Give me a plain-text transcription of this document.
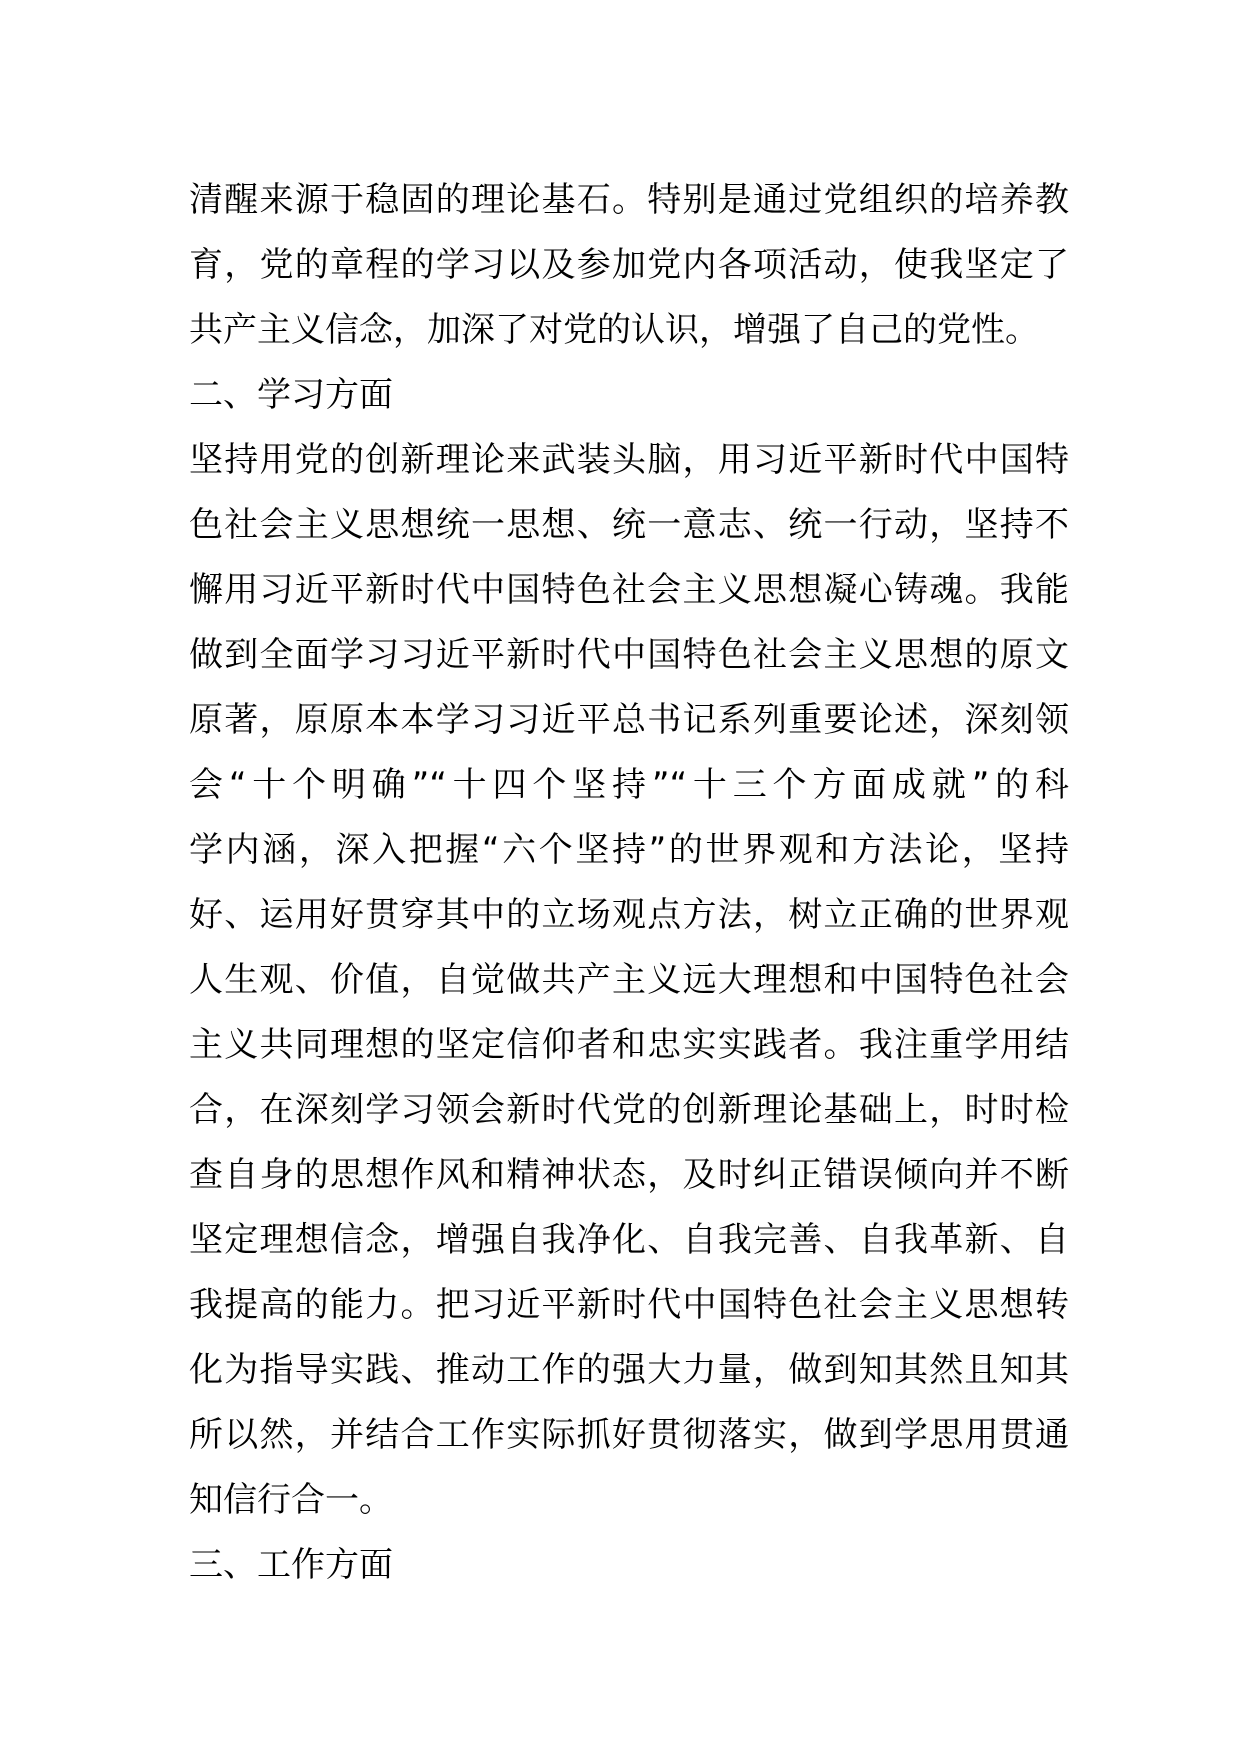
清醒来源于稳固的理论基石。特别是通过党组织的培养教
育，党的章程的学习以及参加党内各项活动，使我坚定了
共产主义信念，加深了对党的认识，增强了自己的党性。
二、学习方面
坚持用党的创新理论来武装头脑，用习近平新时代中国特
色社会主义思想统一思想、统一意志、统一行动，坚持不
懈用习近平新时代中国特色社会主义思想凝心铸魂。我能
做到全面学习习近平新时代中国特色社会主义思想的原文
原著，原原本本学习习近平总书记系列重要论述，深刻领
会“十个明确”“十四个坚持”“十三个方面成就”的科
学内涵，深入把握“六个坚持”的世界观和方法论，坚持
好、运用好贯穿其中的立场观点方法，树立正确的世界观
人生观、价值，自觉做共产主义远大理想和中国特色社会
主义共同理想的坚定信仰者和忠实实践者。我注重学用结
合，在深刻学习领会新时代党的创新理论基础上，时时检
查自身的思想作风和精神状态，及时纠正错误倾向并不断
坚定理想信念，增强自我净化、自我完善、自我革新、自
我提高的能力。把习近平新时代中国特色社会主义思想转
化为指导实践、推动工作的强大力量，做到知其然且知其
所以然，并结合工作实际抓好贯彻落实，做到学思用贯通
知信行合一。
三、工作方面
